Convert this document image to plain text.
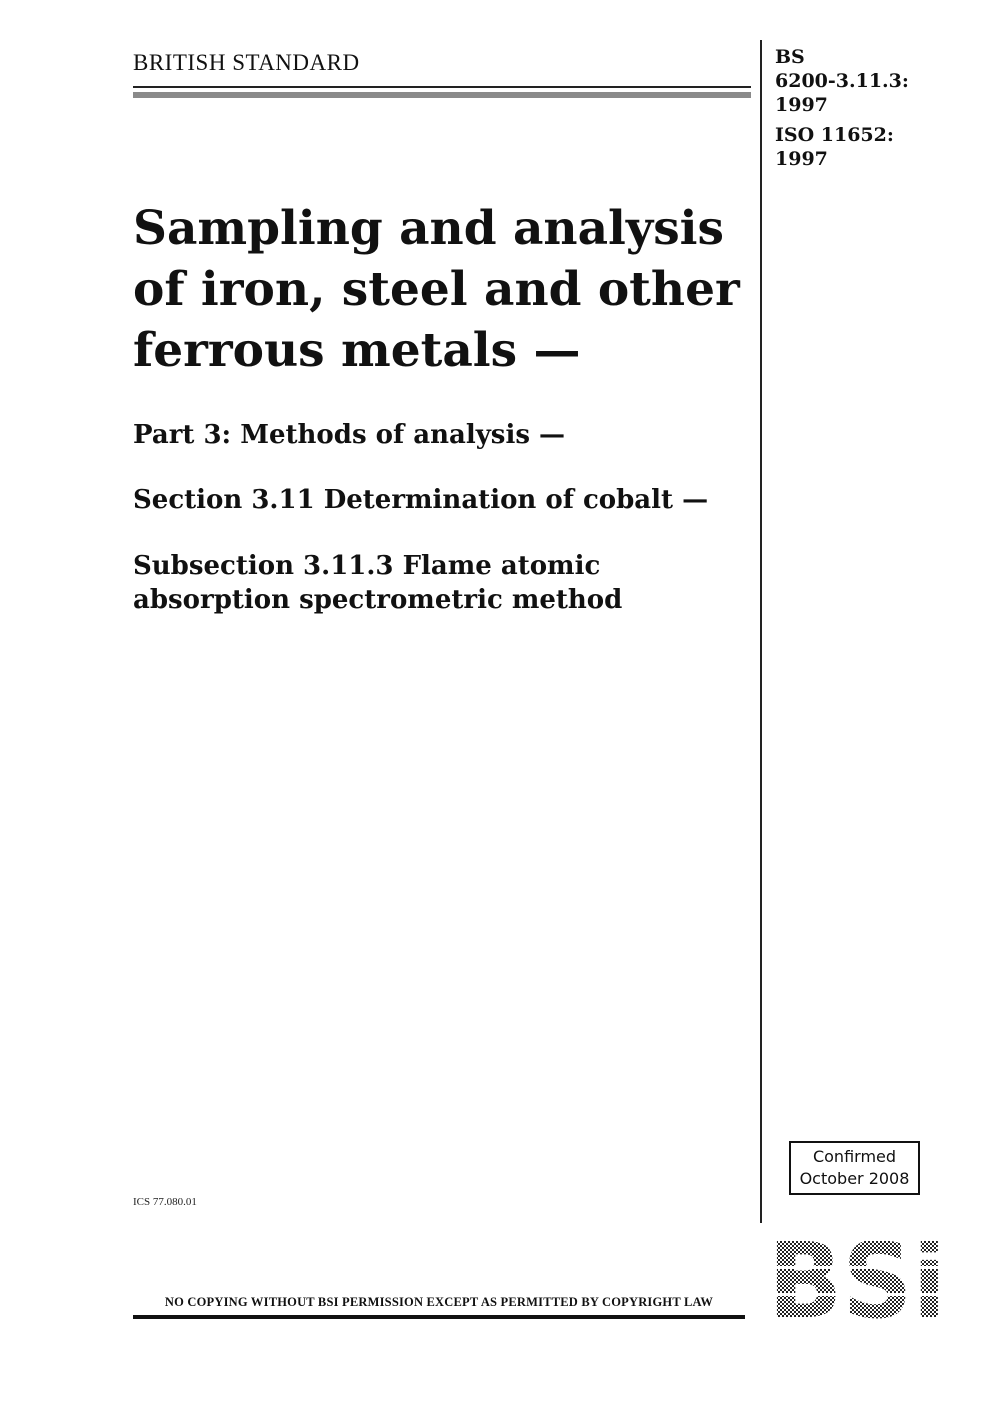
BRITISH STANDARD	BS
6200-3.11.3:
1997
ISO 11652:
1997
Sampling and analysis
of iron, steel and other
ferrous metals —
Part 3: Methods of analysis —
Section 3.11 Determination of cobalt —
Subsection 3.11.3 Flame atomic
absorption spectrometric method
Confirmed
October 2008
ICS 77.080.01
NO COPYING WITHOUT BSI PERMISSION EXCEPT AS PERMITTED BY COPYRIGHT LAW
